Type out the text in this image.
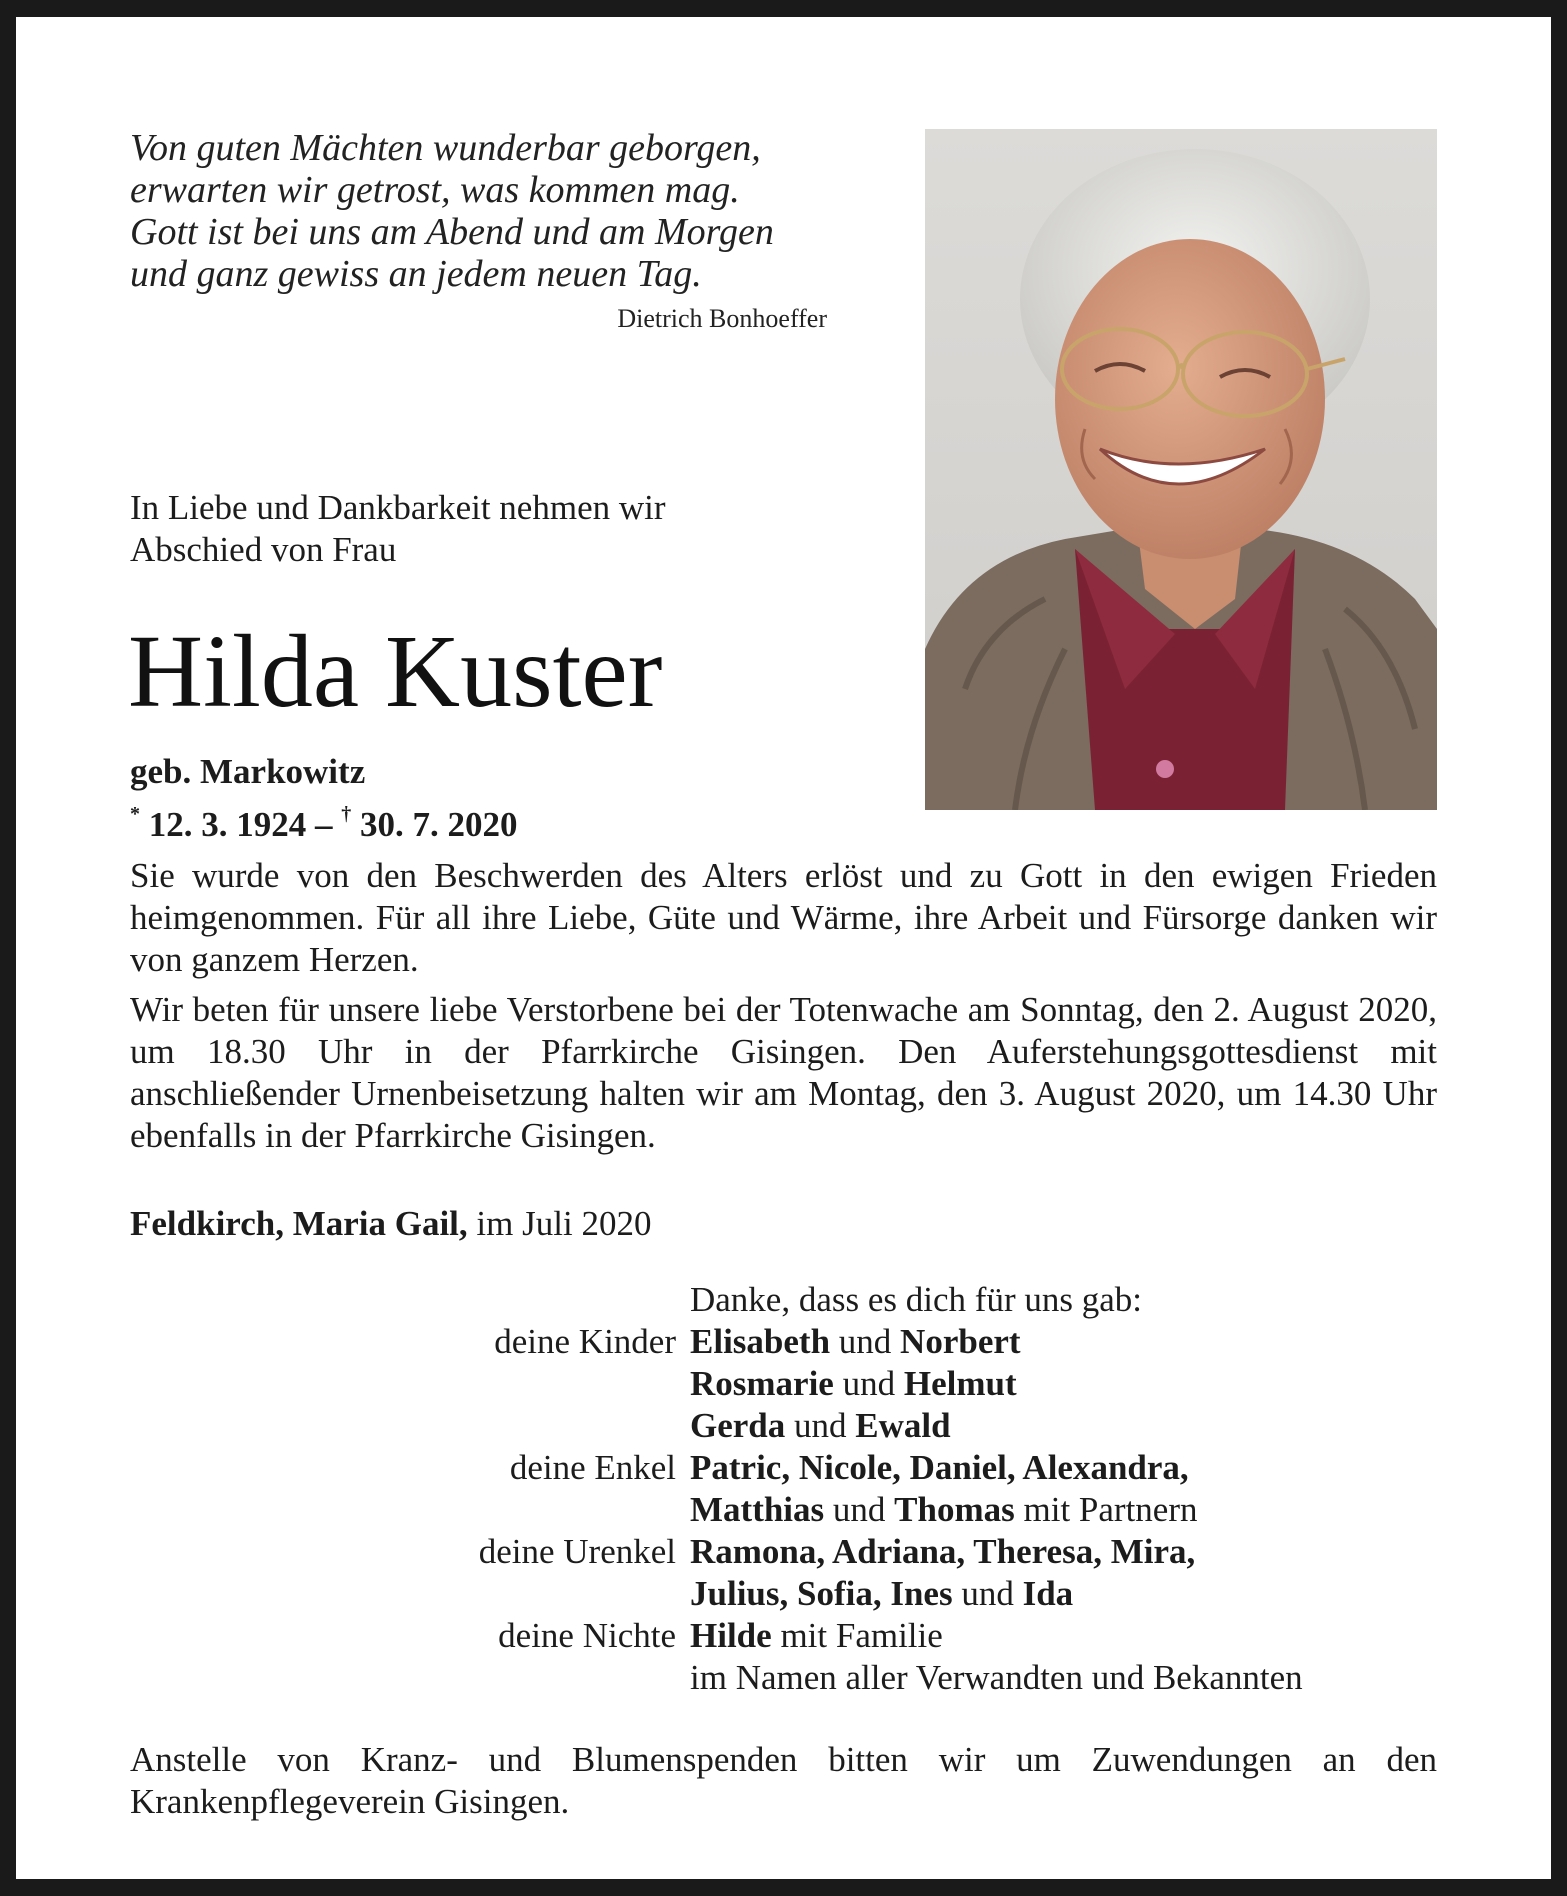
Von guten Mächten wunderbar geborgen,
erwarten wir getrost, was kommen mag.
Gott ist bei uns am Abend und am Morgen
und ganz gewiss an jedem neuen Tag.
Dietrich Bonhoeffer
In Liebe und Dankbarkeit nehmen wir
Abschied von Frau
Hilda Kuster
geb. Markowitz
* 12. 3. 1924 – † 30. 7. 2020

Sie wurde von den Beschwerden des Alters erlöst und zu Gott in den ewigen Frieden heimgenommen. Für all ihre Liebe, Güte und Wärme, ihre Arbeit und Fürsorge danken wir von ganzem Herzen.

Wir beten für unsere liebe Verstorbene bei der Totenwache am Sonntag, den 2. August 2020, um 18.30 Uhr in der Pfarrkirche Gisingen. Den Auferstehungsgottesdienst mit anschließender Urnenbeisetzung halten wir am Montag, den 3. August 2020, um 14.30 Uhr ebenfalls in der Pfarrkirche Gisingen.

Feldkirch, Maria Gail, im Juli 2020
Danke, dass es dich für uns gab:
deine Kinder Elisabeth und Norbert
Rosmarie und Helmut
Gerda und Ewald
deine Enkel Patric, Nicole, Daniel, Alexandra,
Matthias und Thomas mit Partnern
deine Urenkel Ramona, Adriana, Theresa, Mira,
Julius, Sofia, Ines und Ida
deine Nichte Hilde mit Familie
im Namen aller Verwandten und Bekannten
Anstelle von Kranz- und Blumenspenden bitten wir um Zuwendungen an den Krankenpflegeverein Gisingen.
